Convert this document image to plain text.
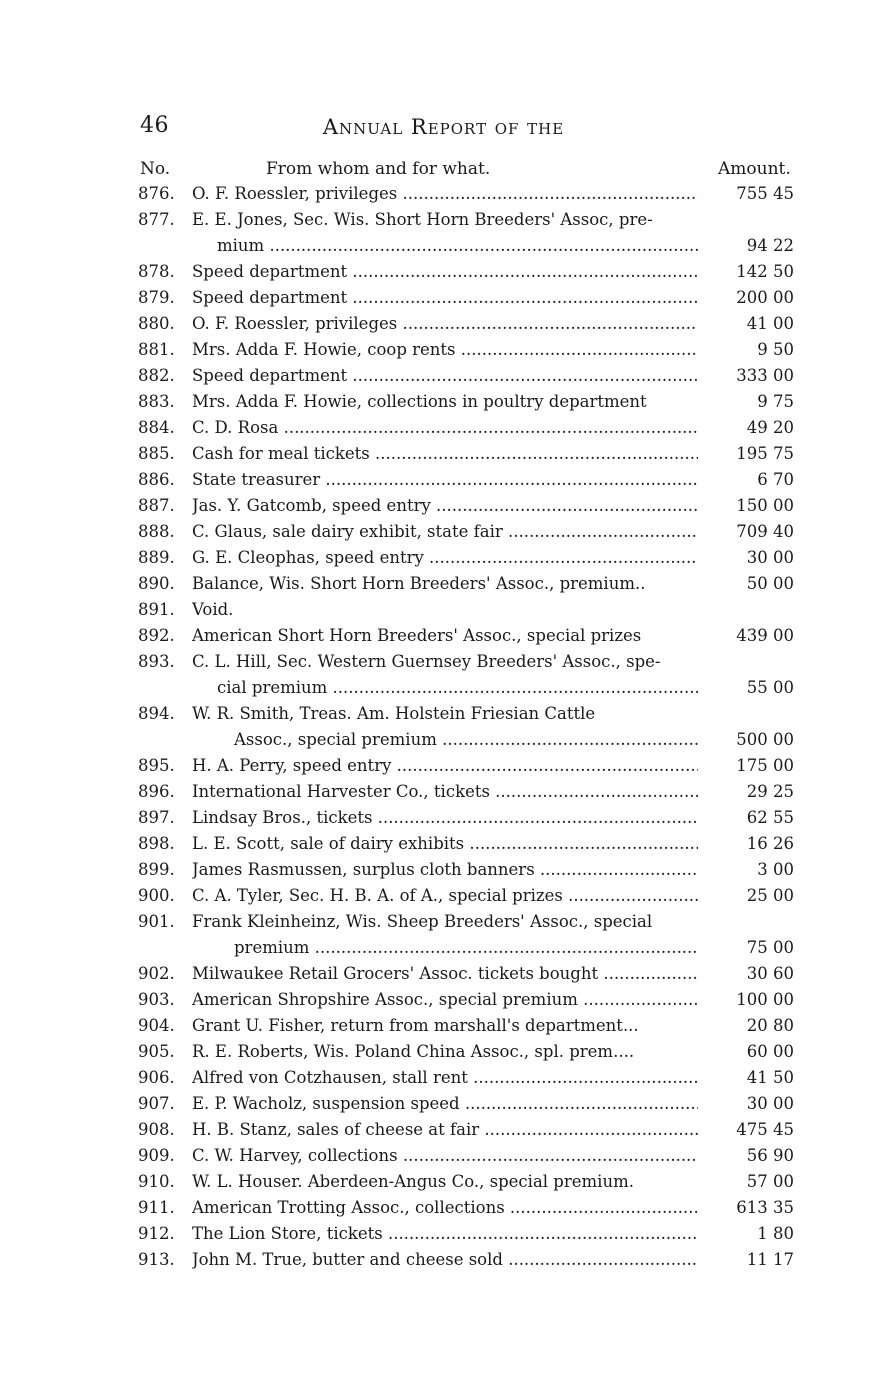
46	Annual Report of the
No.	From whom and for what.	Amount.
876.	O. F. Roessler, privileges .....	755 45
877.	E. E. Jones, Sec. Wis. Short Horn Breeders' Assoc, pre-
mium .....	94 22
878.	Speed department .....	142 50
879.	Speed department .....	200 00
880.	O. F. Roessler, privileges .....	41 00
881.	Mrs. Adda F. Howie, coop rents .....	9 50
882.	Speed department .....	333 00
883.	Mrs. Adda F. Howie, collections in poultry department	9 75
884.	C. D. Rosa .....	49 20
885.	Cash for meal tickets .....	195 75
886.	State treasurer .....	6 70
887.	Jas. Y. Gatcomb, speed entry .....	150 00
888.	C. Glaus, sale dairy exhibit, state fair .....	709 40
889.	G. E. Cleophas, speed entry .....	30 00
890.	Balance, Wis. Short Horn Breeders' Assoc., premium..	50 00
891.	Void.
892.	American Short Horn Breeders' Assoc., special prizes	439 00
893.	C. L. Hill, Sec. Western Guernsey Breeders' Assoc., spe-
cial premium .....	55 00
894.	W. R. Smith, Treas. Am. Holstein Friesian Cattle
Assoc., special premium .....	500 00
895.	H. A. Perry, speed entry .....	175 00
896.	International Harvester Co., tickets .....	29 25
897.	Lindsay Bros., tickets .....	62 55
898.	L. E. Scott, sale of dairy exhibits .....	16 26
899.	James Rasmussen, surplus cloth banners .....	3 00
900.	C. A. Tyler, Sec. H. B. A. of A., special prizes .....	25 00
901.	Frank Kleinheinz, Wis. Sheep Breeders' Assoc., special
premium .....	75 00
902.	Milwaukee Retail Grocers' Assoc. tickets bought .....	30 60
903.	American Shropshire Assoc., special premium .....	100 00
904.	Grant U. Fisher, return from marshall's department...	20 80
905.	R. E. Roberts, Wis. Poland China Assoc., spl. prem....	60 00
906.	Alfred von Cotzhausen, stall rent .....	41 50
907.	E. P. Wacholz, suspension speed .....	30 00
908.	H. B. Stanz, sales of cheese at fair .....	475 45
909.	C. W. Harvey, collections .....	56 90
910.	W. L. Houser. Aberdeen-Angus Co., special premium.	57 00
911.	American Trotting Assoc., collections .....	613 35
912.	The Lion Store, tickets .....	1 80
913.	John M. True, butter and cheese sold .....	11 17
